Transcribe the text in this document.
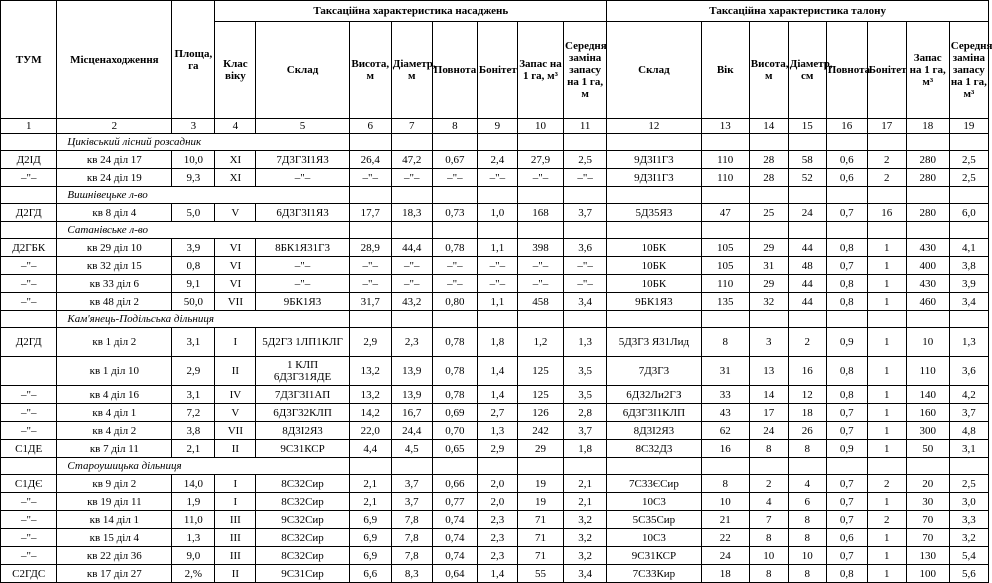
ТУМ	Місценаходження	Площа, га	Таксаційна характеристика насаджень								Таксаційна характеристика талону							
			Клас віку	Склад	Висота, м	Діаметр, м	Повнота	Бонітет	Запас на 1 га, м³	Середня заміна запасу на 1 га, м	Склад	Вік	Висота, м	Діаметр, см	Повнота	Бонітет	Запас на 1 га, м³	Середня заміна запасу на 1 га, м³
1	2	3	4	5	6	7	8	9	10	11	12	13	14	15	16	17	18	19
	Циківський лісний розсадник																	
Д2ІД	кв 24 діл 17	10,0	ХІ	7Д3Г3І1Я3	26,4	47,2	0,67	2,4	27,9	2,5	9Д3І1Г3	110	28	58	0,6	2	280	2,5
–"–	кв 24 діл 19	9,3	ХІ	–"–	–"–	–"–	–"–	–"–	–"–	–"–	9Д3І1Г3	110	28	52	0,6	2	280	2,5
	Вишнівецьке л-во																	
Д2ГД	кв 8 діл 4	5,0	V	6Д3Г3І1Я3	17,7	18,3	0,73	1,0	168	3,7	5Д35Я3	47	25	24	0,7	16	280	6,0
	Сатанівське л-во																	
Д2ГБК	кв 29 діл 10	3,9	VI	8БК1Я31Г3	28,9	44,4	0,78	1,1	398	3,6	10БК	105	29	44	0,8	1	430	4,1
–"–	кв 32 діл 15	0,8	VI	–"–	–"–	–"–	–"–	–"–	–"–	–"–	10БК	105	31	48	0,7	1	400	3,8
–"–	кв 33 діл 6	9,1	VI	–"–	–"–	–"–	–"–	–"–	–"–	–"–	10БК	110	29	44	0,8	1	430	3,9
–"–	кв 48 діл 2	50,0	VII	9БК1Я3	31,7	43,2	0,80	1,1	458	3,4	9БК1Я3	135	32	44	0,8	1	460	3,4
	Кам'янець-Подільська дільниця																	
Д2ГД	кв 1 діл 2	3,1	I	5Д2Г3 1ЛП1КЛГ	2,9	2,3	0,78	1,8	1,2	1,3	5Д3Г3 Я31Лид	8	3	2	0,9	1	10	1,3
	кв 1 діл 10	2,9	II	1 КЛП 6Д3Г31ЯДЕ	13,2	13,9	0,78	1,4	125	3,5	7Д3Г3	31	13	16	0,8	1	110	3,6
–"–	кв 4 діл 16	3,1	IV	7Д3Г3І1АП	13,2	13,9	0,78	1,4	125	3,5	6ДЗ2Ли2ГЗ	33	14	12	0,8	1	140	4,2
–"–	кв 4 діл 1	7,2	V	6Д3Г32КЛП	14,2	16,7	0,69	2,7	126	2,8	6Д3Г3І1КЛП	43	17	18	0,7	1	160	3,7
–"–	кв 4 діл 2	3,8	VII	8Д3І2Я3	22,0	24,4	0,70	1,3	242	3,7	8Д3І2Я3	62	24	26	0,7	1	300	4,8
С1ДЕ	кв 7 діл 11	2,1	II	9С31КСР	4,4	4,5	0,65	2,9	29	1,8	8С32Д3	16	8	8	0,9	1	50	3,1
	Староушицька дільниця																	
С1ДЄ	кв 9 діл 2	14,0	I	8С32Сир	2,1	3,7	0,66	2,0	19	2,1	7С33ЄСир	8	2	4	0,7	2	20	2,5
–"–	кв 19 діл 11	1,9	I	8С32Сир	2,1	3,7	0,77	2,0	19	2,1	10С3	10	4	6	0,7	1	30	3,0
–"–	кв 14 діл 1	11,0	III	9С32Сир	6,9	7,8	0,74	2,3	71	3,2	5С35Сир	21	7	8	0,7	2	70	3,3
–"–	кв 15 діл 4	1,3	III	8С32Сир	6,9	7,8	0,74	2,3	71	3,2	10С3	22	8	8	0,6	1	70	3,2
–"–	кв 22 діл 36	9,0	III	8С32Сир	6,9	7,8	0,74	2,3	71	3,2	9С31КСР	24	10	10	0,7	1	130	5,4
С2ГДС	кв 17 діл 27	2,%	II	9С31Сир	6,6	8,3	0,64	1,4	55	3,4	7С33Кир	18	8	8	0,8	1	100	5,6
